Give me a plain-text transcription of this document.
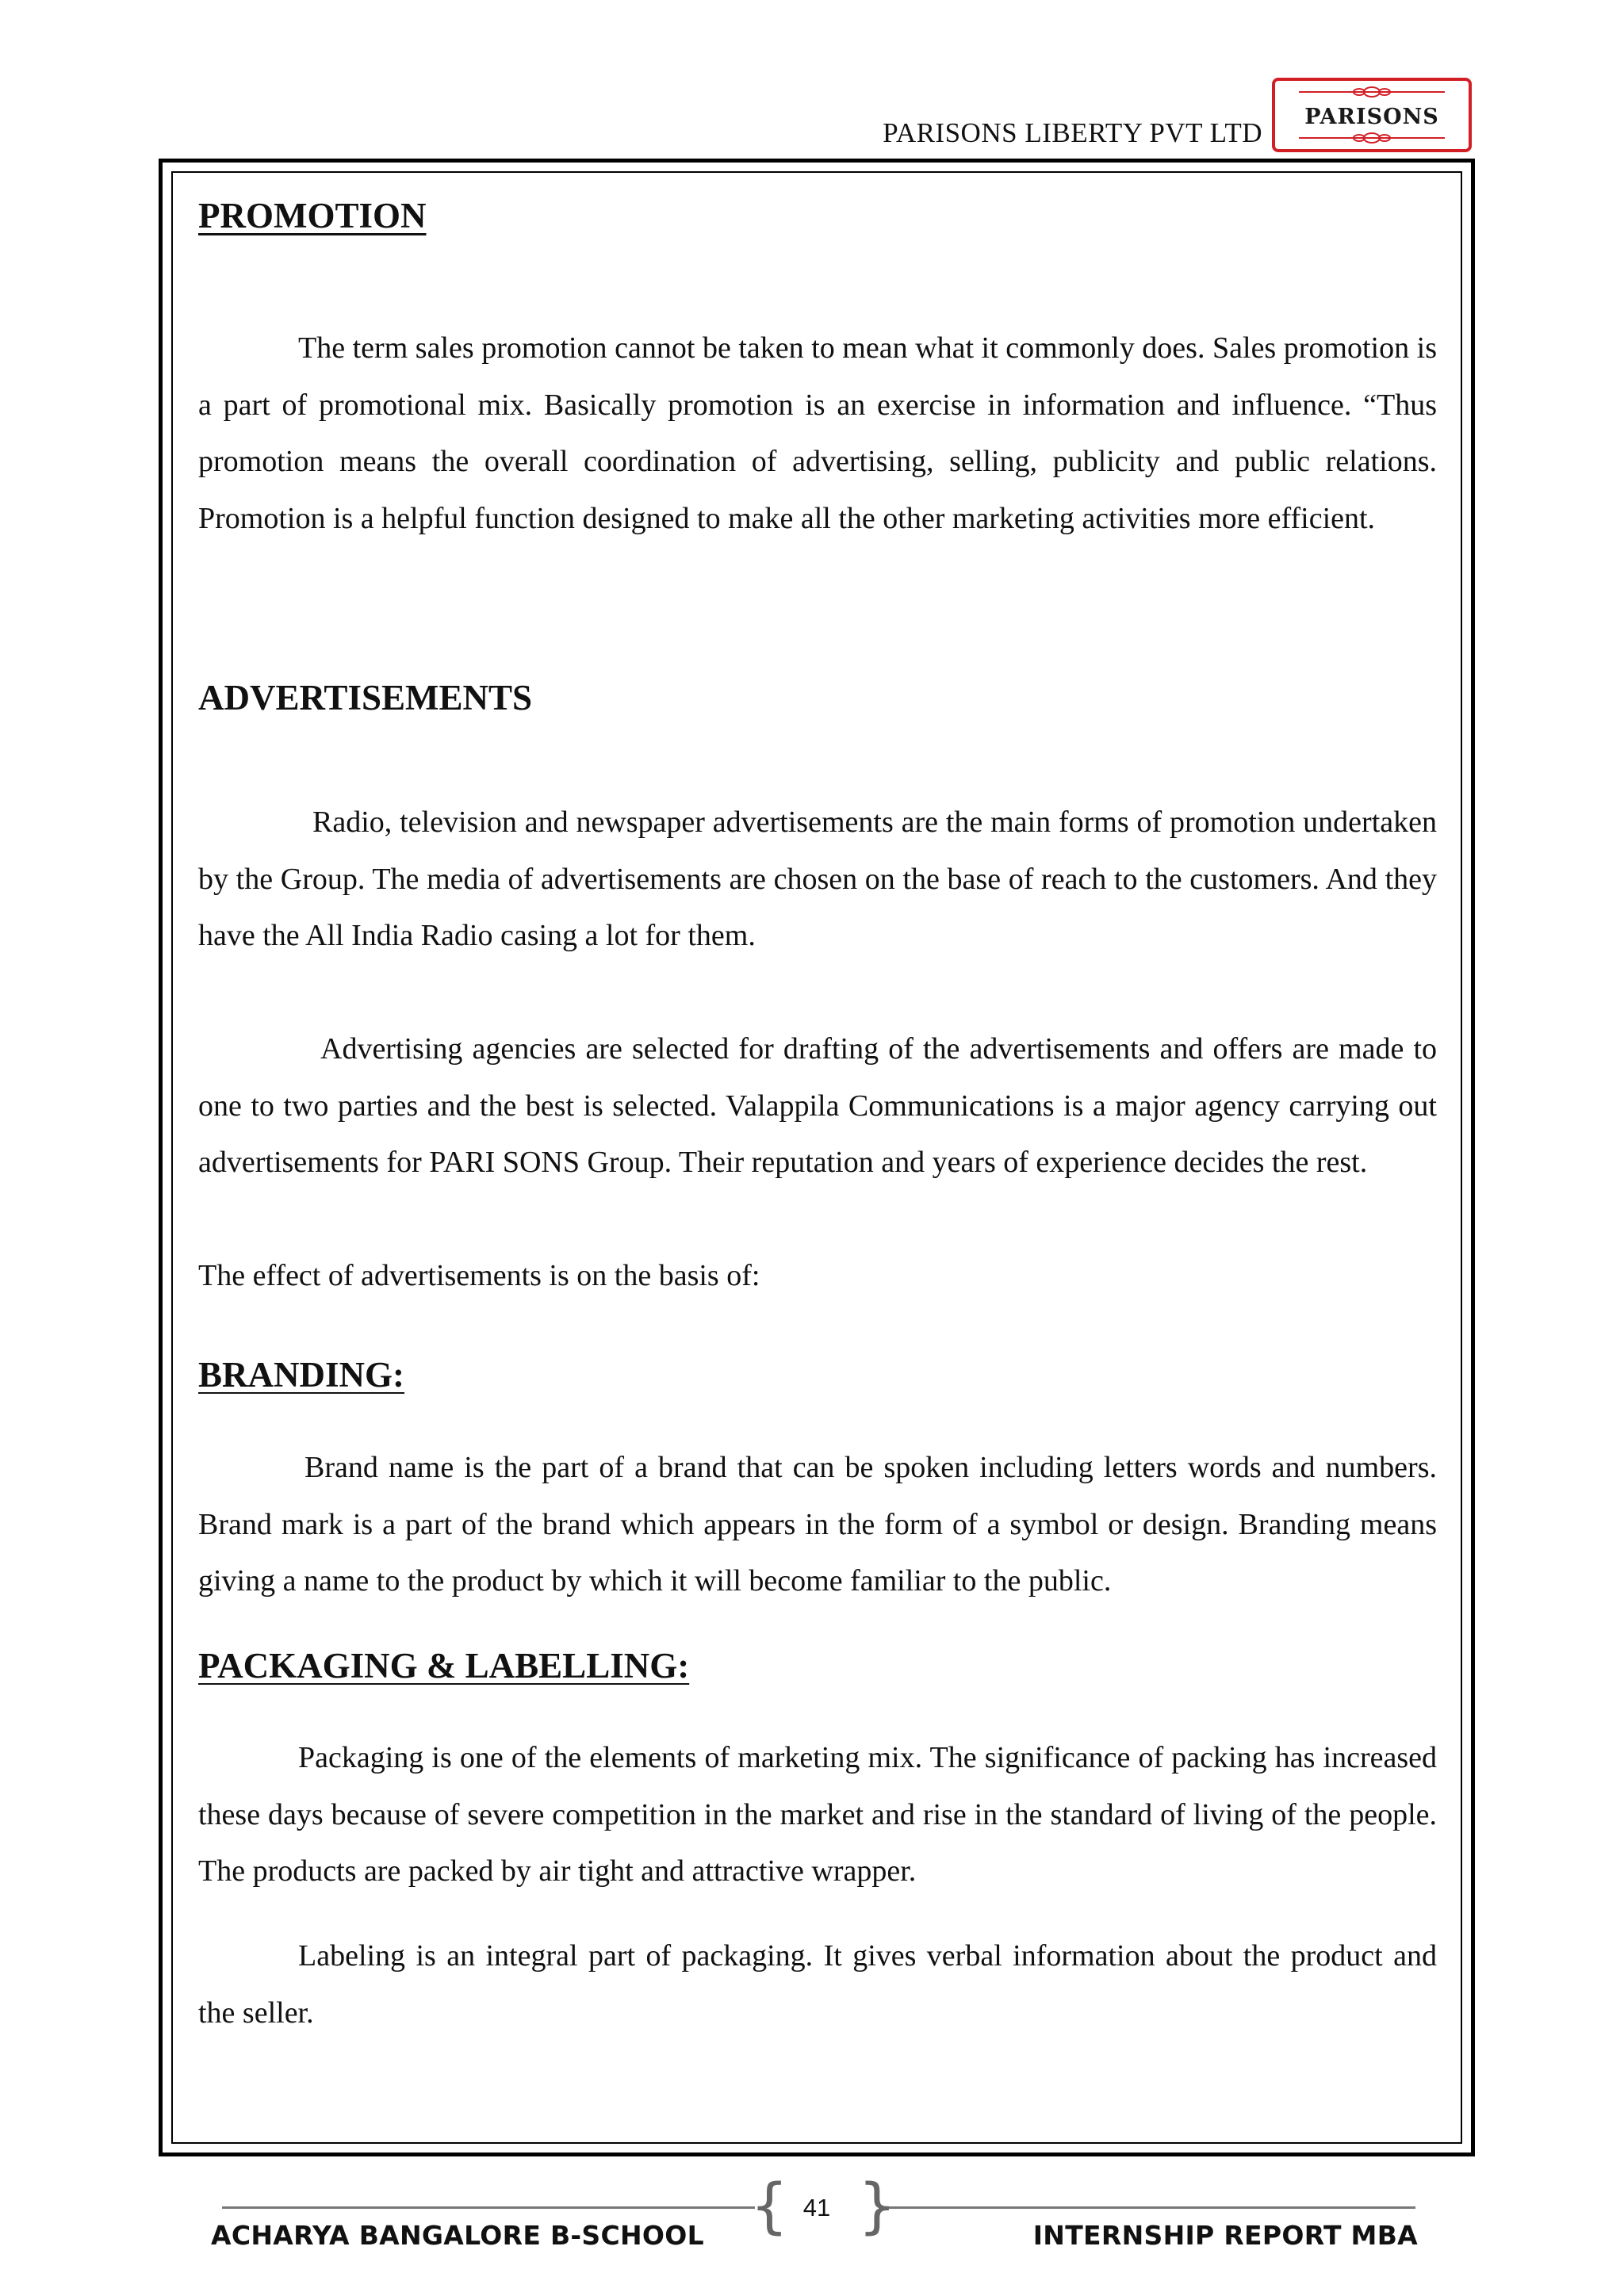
PARISONS LIBERTY PVT LTD
PARISONS
PROMOTION

The term sales promotion cannot be taken to mean what it commonly does. Sales promotion is a part of promotional mix. Basically promotion is an exercise in information and influence. “Thus promotion means the overall coordination of advertising, selling, publicity and public relations. Promotion is a helpful function designed to make all the other marketing activities more efficient.

ADVERTISEMENTS

Radio, television and newspaper advertisements are the main forms of promotion undertaken by the Group. The media of advertisements are chosen on the base of reach to the customers. And they have the All India Radio casing a lot for them.

Advertising agencies are selected for drafting of the advertisements and offers are made to one to two parties and the best is selected. Valappila Communications is a major agency carrying out advertisements for PARI SONS Group. Their reputation and years of experience decides the rest.

The effect of advertisements is on the basis of:

BRANDING:

Brand name is the part of a brand that can be spoken including letters words and numbers. Brand mark is a part of the brand which appears in the form of a symbol or design. Branding means giving a name to the product by which it will become familiar to the public.

PACKAGING & LABELLING:

Packaging is one of the elements of marketing mix. The significance of packing has increased these days because of severe competition in the market and rise in the standard of living of the people. The products are packed by air tight and attractive wrapper.

Labeling is an integral part of packaging. It gives verbal information about the product and the seller.

{ }
41
ACHARYA BANGALORE B-SCHOOL	INTERNSHIP REPORT MBA
